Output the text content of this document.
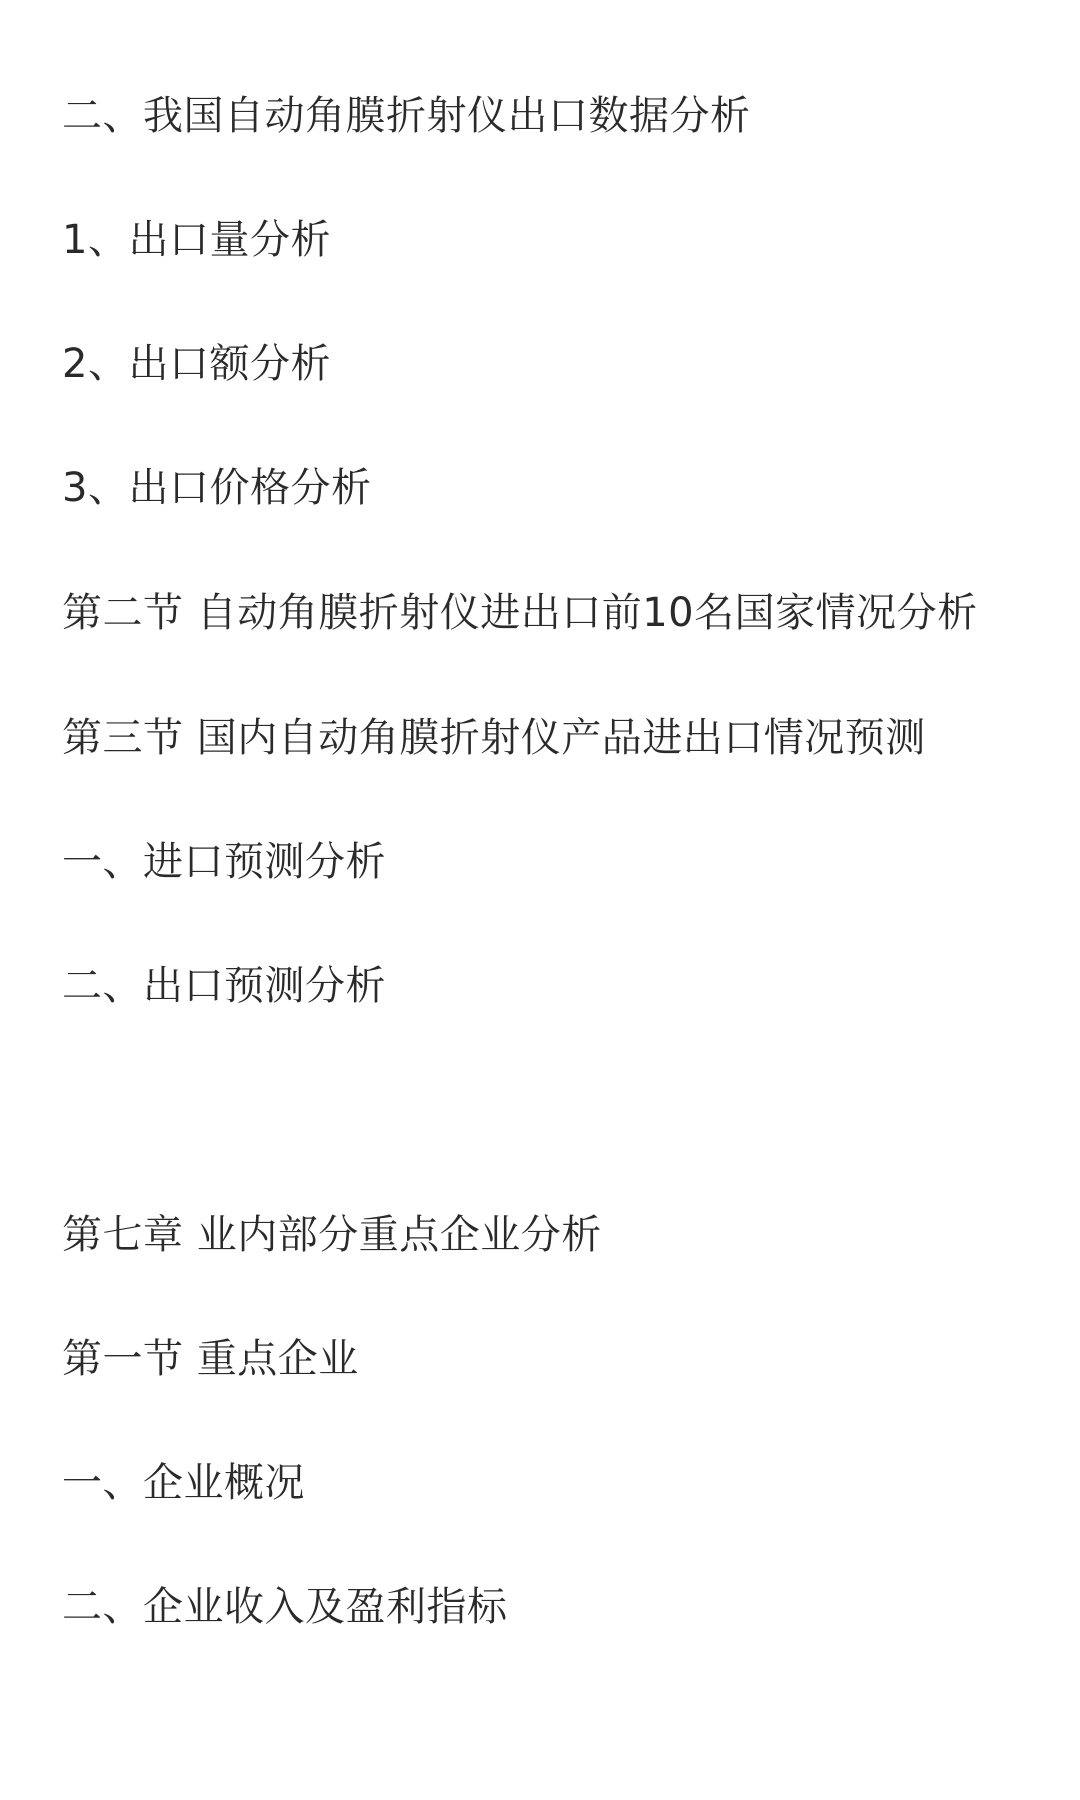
二、我国自动角膜折射仪出口数据分析
1、出口量分析
2、出口额分析
3、出口价格分析
第二节 自动角膜折射仪进出口前10名国家情况分析
第三节 国内自动角膜折射仪产品进出口情况预测
一、进口预测分析
二、出口预测分析
第七章 业内部分重点企业分析
第一节 重点企业
一、企业概况
二、企业收入及盈利指标
